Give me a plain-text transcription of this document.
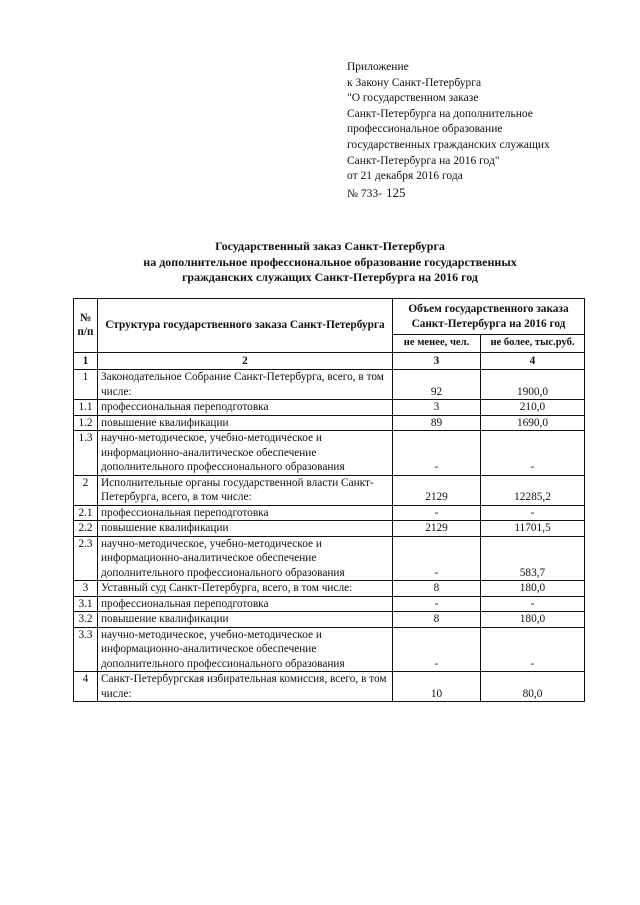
Приложение
к Закону Санкт-Петербурга
"О государственном заказе
Санкт-Петербурга на дополнительное
профессиональное образование
государственных гражданских служащих
Санкт-Петербурга на 2016 год"
от 21 декабря 2016 года
№ 733- 125
Государственный заказ Санкт-Петербурга
на дополнительное профессиональное образование государственных
гражданских служащих Санкт-Петербурга на 2016 год
№ п/п	Структура государственного заказа Санкт-Петербурга	Объем государственного заказа Санкт-Петербурга на 2016 год	
		не менее, чел.	не более, тыс.руб.
1	2	3	4
1	Законодательное Собрание Санкт-Петербурга, всего, в том числе:	92	1900,0
1.1	профессиональная переподготовка	3	210,0
1.2	повышение квалификации	89	1690,0
1.3	научно-методическое, учебно-методическое и информационно-аналитическое обеспечение дополнительного профессионального образования	-	-
2	Исполнительные органы государственной власти Санкт-Петербурга, всего, в том числе:	2129	12285,2
2.1	профессиональная переподготовка	-	-
2.2	повышение квалификации	2129	11701,5
2.3	научно-методическое, учебно-методическое и информационно-аналитическое обеспечение дополнительного профессионального образования	-	583,7
3	Уставный суд Санкт-Петербурга, всего, в том числе:	8	180,0
3.1	профессиональная переподготовка	-	-
3.2	повышение квалификации	8	180,0
3.3	научно-методическое, учебно-методическое и информационно-аналитическое обеспечение дополнительного профессионального образования	-	-
4	Санкт-Петербургская избирательная комиссия, всего, в том числе:	10	80,0
